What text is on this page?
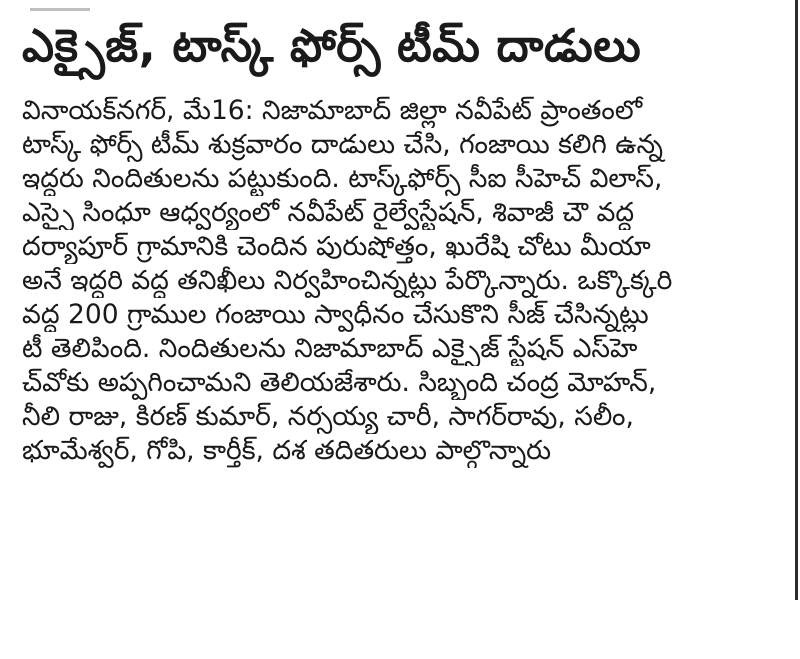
ఎక్సైజ్, టాస్క్ ఫోర్స్ టీమ్ దాడులు
వినాయక్‌నగర్, మే16: నిజామాబాద్ జిల్లా నవీపేట్ ప్రాంతంలో
టాస్క్ ఫోర్స్ టీమ్ శుక్రవారం దాడులు చేసి, గంజాయి కలిగి ఉన్న
ఇద్దరు నిందితులను పట్టుకుంది. టాస్క్‌ఫోర్స్ సీఐ సీహెచ్ విలాస్,
ఎస్సై సింధూ ఆధ్వర్యంలో నవీపేట్ రైల్వేస్టేషన్, శివాజీ చౌ వద్ద
దర్యాపూర్ గ్రామానికి చెందిన పురుషోత్తం, ఖురేషి చోటు మీయా
అనే ఇద్దరి వద్ద తనిఖీలు నిర్వహించిన్నట్లు పేర్కొన్నారు. ఒక్కొక్కరి
వద్ద 200 గ్రాముల గంజాయి స్వాధీనం చేసుకొని సీజ్ చేసిన్నట్లు
టీ తెలిపింది. నిందితులను నిజామాబాద్ ఎక్సైజ్ స్టేషన్ ఎస్‌హె
చ్‌వోకు అప్పగించామని తెలియజేశారు. సిబ్బంది చంద్ర మోహన్,
నీలి రాజు, కిరణ్ కుమార్, నర్సయ్య చారీ, సాగర్‌రావు, సలీం,
భూమేశ్వర్, గోపి, కార్తీక్, దశ తదితరులు పాల్గొన్నారు
